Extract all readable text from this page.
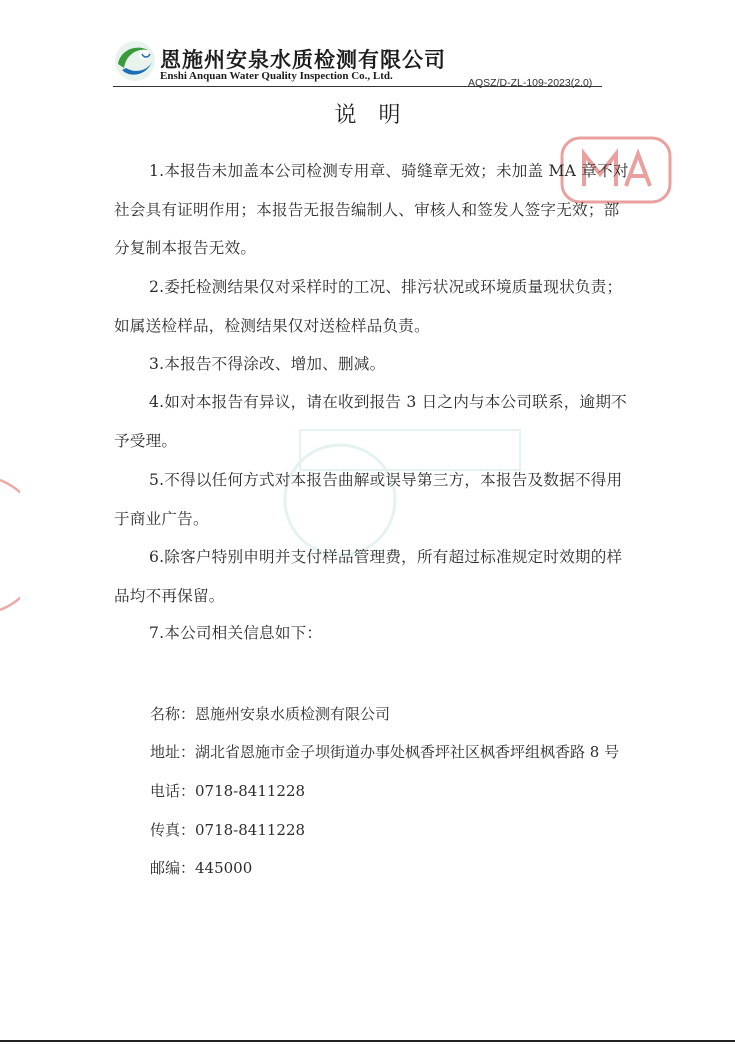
恩施州安泉水质检测有限公司
Enshi Anquan Water Quality Inspection Co., Ltd.
AQSZ/D-ZL-109-2023(2.0)
说明

1.本报告未加盖本公司检测专用章、骑缝章无效；未加盖 MA 章不对社会具有证明作用；本报告无报告编制人、审核人和签发人签字无效；部分复制本报告无效。

2.委托检测结果仅对采样时的工况、排污状况或环境质量现状负责；如属送检样品，检测结果仅对送检样品负责。

3.本报告不得涂改、增加、删减。

4.如对本报告有异议，请在收到报告 3 日之内与本公司联系，逾期不予受理。

5.不得以任何方式对本报告曲解或误导第三方，本报告及数据不得用于商业广告。

6.除客户特别申明并支付样品管理费，所有超过标准规定时效期的样品均不再保留。

7.本公司相关信息如下：

名称：恩施州安泉水质检测有限公司
地址：湖北省恩施市金子坝街道办事处枫香坪社区枫香坪组枫香路 8 号
电话：0718-8411228
传真：0718-8411228
邮编：445000
